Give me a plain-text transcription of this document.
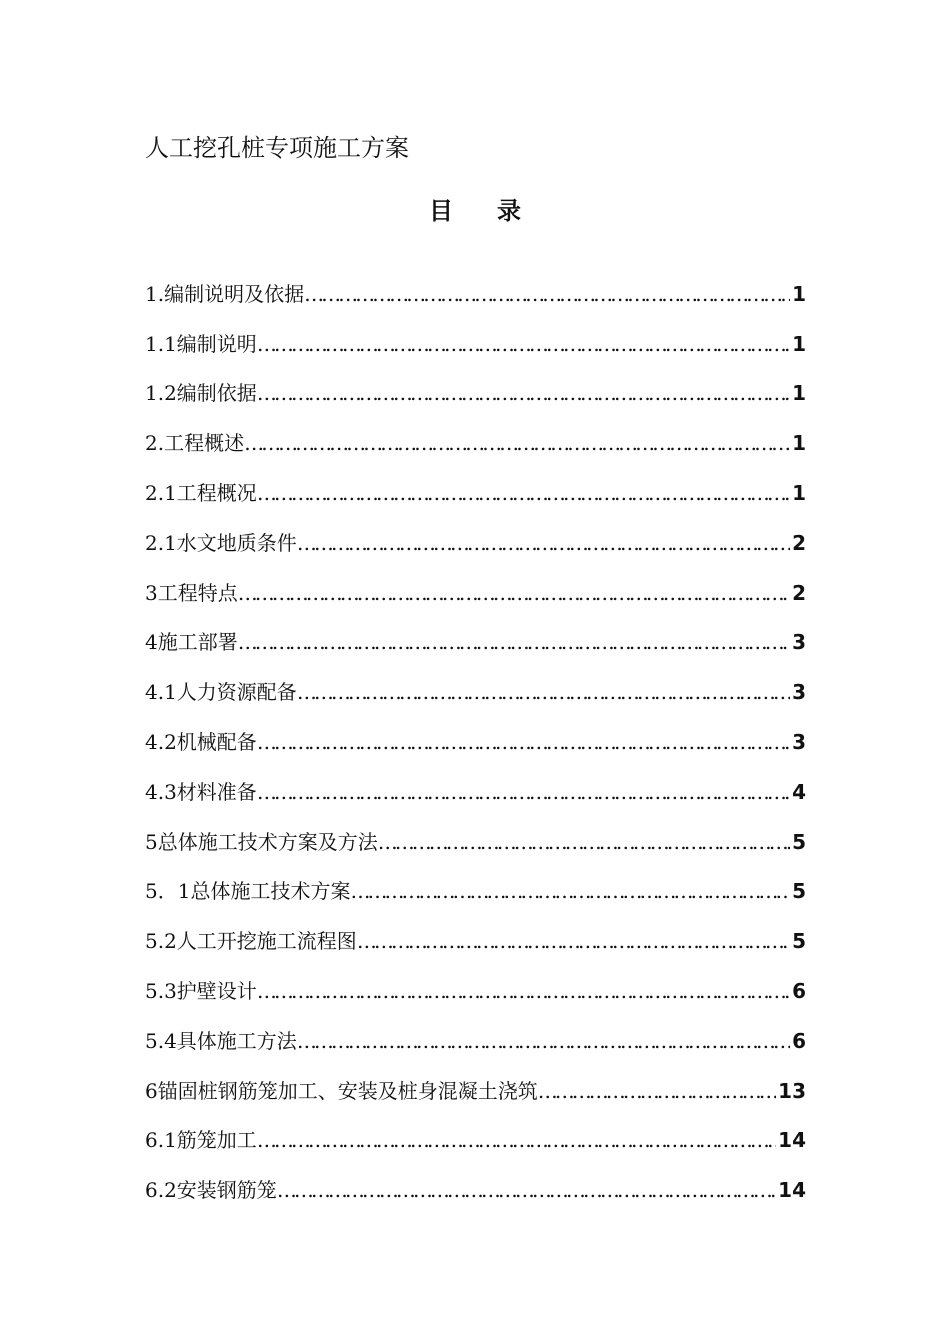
人工挖孔桩专项施工方案
目录
1.编制说明及依据 …………………………………………………………………………………………………………………………………………………………………………………………………………	1
1.1编制说明 …………………………………………………………………………………………………………………………………………………………………………………………………………	1
1.2编制依据 …………………………………………………………………………………………………………………………………………………………………………………………………………	1
2.工程概述 …………………………………………………………………………………………………………………………………………………………………………………………………………	1
2.1工程概况 …………………………………………………………………………………………………………………………………………………………………………………………………………	1
2.1水文地质条件 …………………………………………………………………………………………………………………………………………………………………………………………………………	2
3工程特点 …………………………………………………………………………………………………………………………………………………………………………………………………………	2
4施工部署 …………………………………………………………………………………………………………………………………………………………………………………………………………	3
4.1人力资源配备 …………………………………………………………………………………………………………………………………………………………………………………………………………	3
4.2机械配备 …………………………………………………………………………………………………………………………………………………………………………………………………………	3
4.3材料准备 …………………………………………………………………………………………………………………………………………………………………………………………………………	4
5总体施工技术方案及方法 …………………………………………………………………………………………………………………………………………………………………………………………………………	5
5．1总体施工技术方案 …………………………………………………………………………………………………………………………………………………………………………………………………………	5
5.2人工开挖施工流程图 …………………………………………………………………………………………………………………………………………………………………………………………………………	5
5.3护壁设计 …………………………………………………………………………………………………………………………………………………………………………………………………………	6
5.4具体施工方法 …………………………………………………………………………………………………………………………………………………………………………………………………………	6
6锚固桩钢筋笼加工、安装及桩身混凝土浇筑 …………………………………………………………………………………………………………………………………………………………………………………………………………	13
6.1筋笼加工 …………………………………………………………………………………………………………………………………………………………………………………………………………	14
6.2安装钢筋笼 …………………………………………………………………………………………………………………………………………………………………………………………………………	14
